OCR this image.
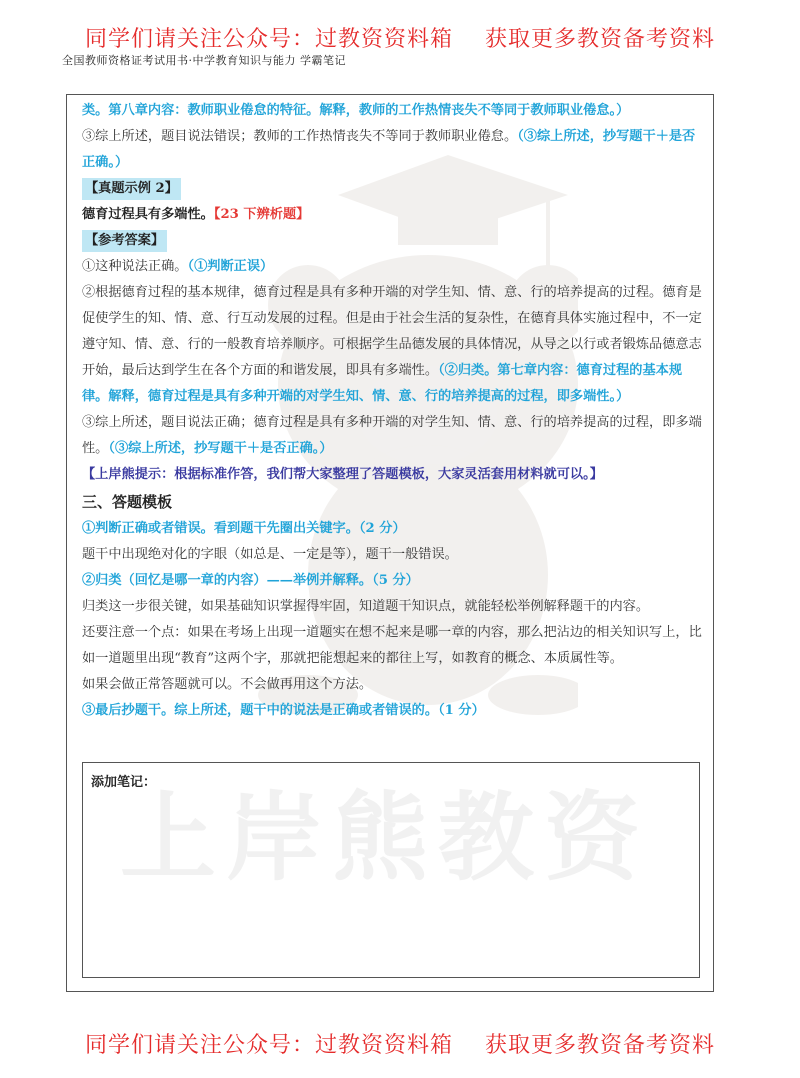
同学们请关注公众号：过教资资料箱    获取更多教资备考资料
全国教师资格证考试用书·中学教育知识与能力 学霸笔记
上岸熊教资

类。第八章内容：教师职业倦怠的特征。解释，教师的工作热情丧失不等同于教师职业倦怠。）

③综上所述，题目说法错误；教师的工作热情丧失不等同于教师职业倦怠。（③综上所述，抄写题干＋是否正确。）

【真题示例 2】

德育过程具有多端性。【23 下辨析题】

【参考答案】

①这种说法正确。（①判断正误）

②根据德育过程的基本规律，德育过程是具有多种开端的对学生知、情、意、行的培养提高的过程。德育是促使学生的知、情、意、行互动发展的过程。但是由于社会生活的复杂性，在德育具体实施过程中，不一定遵守知、情、意、行的一般教育培养顺序。可根据学生品德发展的具体情况，从导之以行或者锻炼品德意志开始，最后达到学生在各个方面的和谐发展，即具有多端性。（②归类。第七章内容：德育过程的基本规律。解释，德育过程是具有多种开端的对学生知、情、意、行的培养提高的过程，即多端性。）

③综上所述，题目说法正确；德育过程是具有多种开端的对学生知、情、意、行的培养提高的过程，即多端性。（③综上所述，抄写题干＋是否正确。）

【上岸熊提示：根据标准作答，我们帮大家整理了答题模板，大家灵活套用材料就可以。】

三、答题模板

①判断正确或者错误。看到题干先圈出关键字。（2 分）

题干中出现绝对化的字眼（如总是、一定是等），题干一般错误。

②归类（回忆是哪一章的内容）——举例并解释。（5 分）

归类这一步很关键，如果基础知识掌握得牢固，知道题干知识点，就能轻松举例解释题干的内容。

还要注意一个点：如果在考场上出现一道题实在想不起来是哪一章的内容，那么把沾边的相关知识写上，比如一道题里出现“教育”这两个字，那就把能想起来的都往上写，如教育的概念、本质属性等。

如果会做正常答题就可以。不会做再用这个方法。

③最后抄题干。综上所述，题干中的说法是正确或者错误的。（1 分）

添加笔记：
同学们请关注公众号：过教资资料箱    获取更多教资备考资料
